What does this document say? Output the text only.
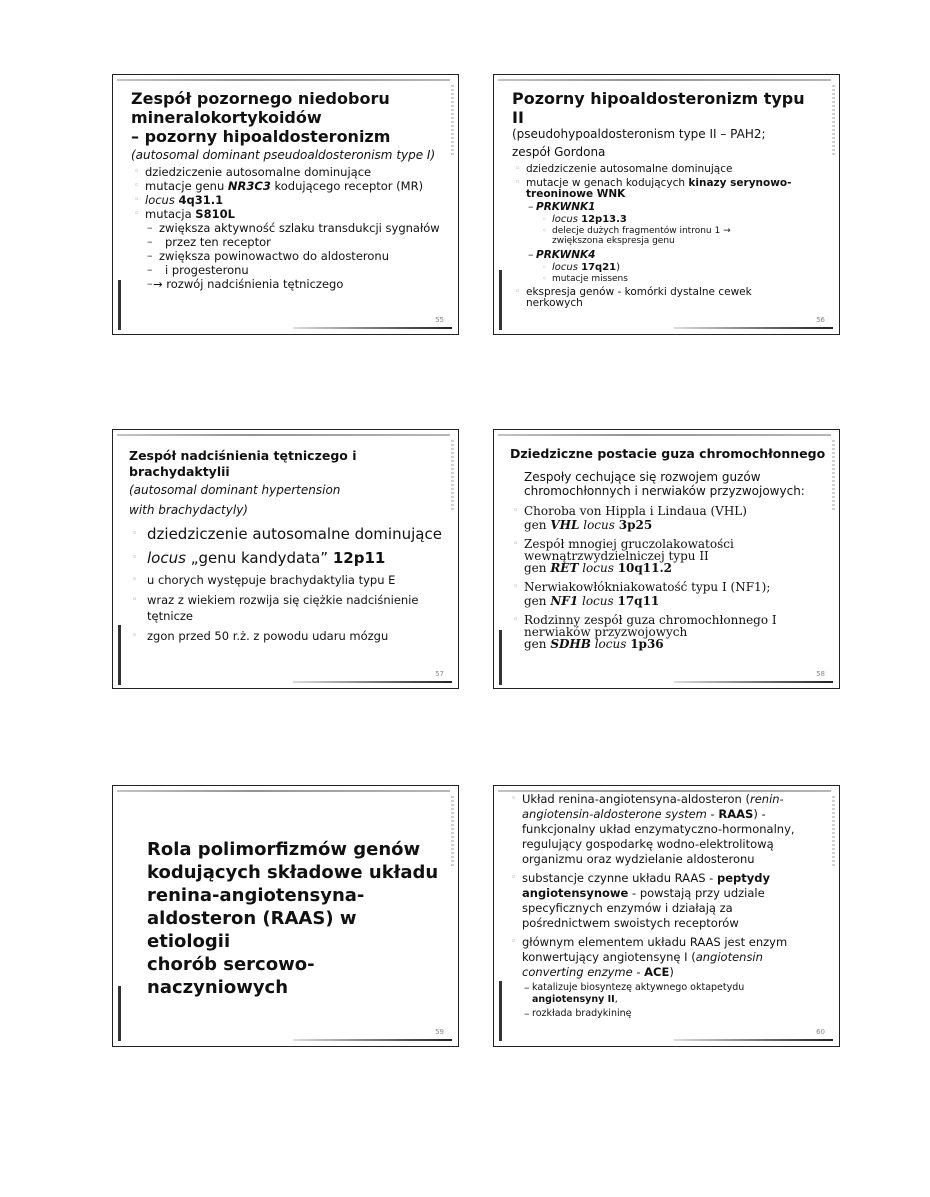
Zespół pozornego niedoboru
mineralokortykoidów
– pozorny hipoaldosteronizm
(autosomal dominant pseudoaldosteronism type I)
◦ dziedziczenie autosomalne dominujące
◦ mutacje genu NR3C3 kodującego receptor (MR)
◦ locus 4q31.1
◦ mutacja S810L
– zwiększa aktywność szlaku transdukcji sygnałów
– przez ten receptor
– zwiększa powinowactwo do aldosteronu
– i progesteronu
– → rozwój nadciśnienia tętniczego
55
Pozorny hipoaldosteronizm typu II
(pseudohypoaldosteronism type II – PAH2;
zespół Gordona
◦ dziedziczenie autosomalne dominujące
◦ mutacje w genach kodujących kinazy serynowo-
treoninowe WNK
– PRKWNK1
◦ locus 12p13.3
◦ delecje dużych fragmentów intronu 1 →
zwiększona ekspresja genu
– PRKWNK4
◦ locus 17q21)
◦ mutacje missens
◦ ekspresja genów - komórki dystalne cewek
nerkowych
56
Zespół nadciśnienia tętniczego i brachydaktylii
(autosomal dominant hypertension
with brachydactyly)
◦ dziedziczenie autosomalne dominujące
◦ locus „genu kandydata” 12p11
◦ u chorych występuje brachydaktylia typu E
◦ wraz z wiekiem rozwija się ciężkie nadciśnienie
tętnicze
◦ zgon przed 50 r.ż. z powodu udaru mózgu
57
Dziedziczne postacie guza chromochłonnego
Zespoły cechujące się rozwojem guzów
chromochłonnych i nerwiaków przyzwojowych:
◦ Choroba von Hippla i Lindaua (VHL)
gen VHL locus 3p25
◦ Zespół mnogiej gruczolakowatości
wewnątrzwydzielniczej typu II
gen RET locus 10q11.2
◦ Nerwiakowłókniakowatość typu I (NF1);
gen NF1 locus 17q11
◦ Rodzinny zespół guza chromochłonnego I
nerwiaków przyzwojowych
gen SDHB locus 1p36
58
Rola polimorfizmów genów
kodujących składowe układu
renina-angiotensyna-
aldosteron (RAAS) w etiologii
chorób sercowo-naczyniowych
59
◦ Układ renina-angiotensyna-aldosteron (renin-
angiotensin-aldosterone system - RAAS) -
funkcjonalny układ enzymatyczno-hormonalny,
regulujący gospodarkę wodno-elektrolitową
organizmu oraz wydzielanie aldosteronu
◦ substancje czynne układu RAAS - peptydy
angiotensynowe - powstają przy udziale
specyficznych enzymów i działają za
pośrednictwem swoistych receptorów
◦ głównym elementem układu RAAS jest enzym
konwertujący angiotensynę I (angiotensin
converting enzyme - ACE)
– katalizuje biosyntezę aktywnego oktapetydu
angiotensyny II,
– rozkłada bradykininę
60
